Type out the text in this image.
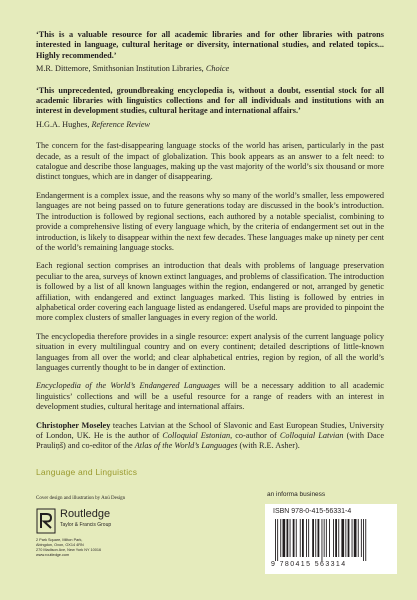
‘This is a valuable resource for all academic libraries and for other libraries with patrons interested in language, cultural heritage or diversity, international studies, and related topics... Highly recommended.’

M.R. Dittemore, Smithsonian Institution Libraries, Choice

‘This unprecedented, groundbreaking encyclopedia is, without a doubt, essential stock for all academic libraries with linguistics collections and for all individuals and institutions with an interest in development studies, cultural heritage and international affairs.’

H.G.A. Hughes, Reference Review

The concern for the fast-disappearing language stocks of the world has arisen, particularly in the past decade, as a result of the impact of globalization. This book appears as an answer to a felt need: to catalogue and describe those languages, making up the vast majority of the world’s six thousand or more distinct tongues, which are in danger of disappearing.

Endangerment is a complex issue, and the reasons why so many of the world’s smaller, less empowered languages are not being passed on to future generations today are discussed in the book’s introduction. The introduction is followed by regional sections, each authored by a notable specialist, combining to provide a comprehensive listing of every language which, by the criteria of endangerment set out in the introduction, is likely to disappear within the next few decades. These languages make up ninety per cent of the world’s remaining language stocks.

Each regional section comprises an introduction that deals with problems of language preservation peculiar to the area, surveys of known extinct languages, and problems of classification. The introduction is followed by a list of all known languages within the region, endangered or not, arranged by genetic affiliation, with endangered and extinct languages marked. This listing is followed by entries in alphabetical order covering each language listed as endangered. Useful maps are provided to pinpoint the more complex clusters of smaller languages in every region of the world.

The encyclopedia therefore provides in a single resource: expert analysis of the current language policy situation in every multilingual country and on every continent; detailed descriptions of little-known languages from all over the world; and clear alphabetical entries, region by region, of all the world’s languages currently thought to be in danger of extinction.

Encyclopedia of the World’s Endangered Languages will be a necessary addition to all academic linguistics’ collections and will be a useful resource for a range of readers with an interest in development studies, cultural heritage and international affairs.

Christopher Moseley teaches Latvian at the School of Slavonic and East European Studies, University of London, UK. He is the author of Colloquial Estonian, co-author of Colloquial Latvian (with Dace Prauliņš) and co-editor of the Atlas of the World’s Languages (with R.E. Asher).

Language and Linguistics
Cover design and illustration by Anú Design
Routledge
Taylor & Francis Group
2 Park Square, Milton Park,
Abingdon, Oxon, OX14 4RN
270 Madison Ave, New York NY 10016
www.routledge.com
an informa business
ISBN 978-0-415-56331-4
9 780415 563314
